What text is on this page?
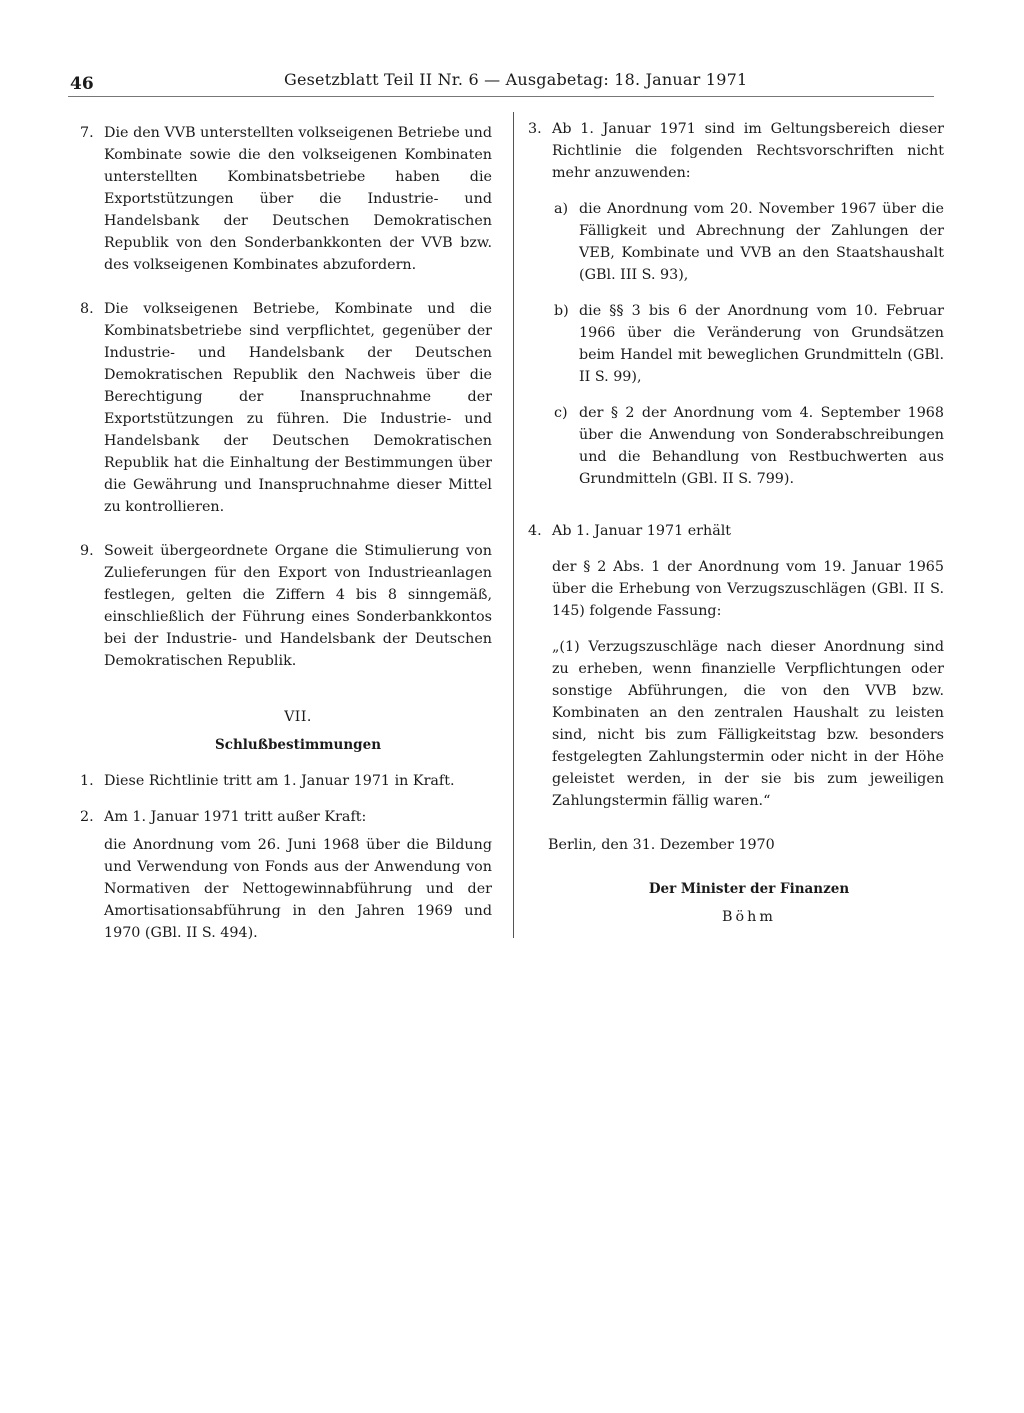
46	Gesetzblatt Teil II Nr. 6 — Ausgabetag: 18. Januar 1971
7. Die den VVB unterstellten volkseigenen Betriebe und Kombinate sowie die den volkseigenen Kombinaten unterstellten Kombinatsbetriebe haben die Exportstützungen über die Industrie- und Handelsbank der Deutschen Demokratischen Republik von den Sonderbankkonten der VVB bzw. des volkseigenen Kombinates abzufordern.
8. Die volkseigenen Betriebe, Kombinate und die Kombinatsbetriebe sind verpflichtet, gegenüber der Industrie- und Handelsbank der Deutschen Demokratischen Republik den Nachweis über die Berechtigung der Inanspruchnahme der Exportstützungen zu führen. Die Industrie- und Handelsbank der Deutschen Demokratischen Republik hat die Einhaltung der Bestimmungen über die Gewährung und Inanspruchnahme dieser Mittel zu kontrollieren.
9. Soweit übergeordnete Organe die Stimulierung von Zulieferungen für den Export von Industrieanlagen festlegen, gelten die Ziffern 4 bis 8 sinngemäß, einschließlich der Führung eines Sonderbankkontos bei der Industrie- und Handelsbank der Deutschen Demokratischen Republik.
VII.
Schlußbestimmungen
1. Diese Richtlinie tritt am 1. Januar 1971 in Kraft.
2. Am 1. Januar 1971 tritt außer Kraft:
die Anordnung vom 26. Juni 1968 über die Bildung und Verwendung von Fonds aus der Anwendung von Normativen der Nettogewinnabführung und der Amortisationsabführung in den Jahren 1969 und 1970 (GBl. II S. 494).
3. Ab 1. Januar 1971 sind im Geltungsbereich dieser Richtlinie die folgenden Rechtsvorschriften nicht mehr anzuwenden:
a) die Anordnung vom 20. November 1967 über die Fälligkeit und Abrechnung der Zahlungen der VEB, Kombinate und VVB an den Staatshaushalt (GBl. III S. 93),
b) die §§ 3 bis 6 der Anordnung vom 10. Februar 1966 über die Veränderung von Grundsätzen beim Handel mit beweglichen Grundmitteln (GBl. II S. 99),
c) der § 2 der Anordnung vom 4. September 1968 über die Anwendung von Sonderabschreibungen und die Behandlung von Restbuchwerten aus Grundmitteln (GBl. II S. 799).
4. Ab 1. Januar 1971 erhält
der § 2 Abs. 1 der Anordnung vom 19. Januar 1965 über die Erhebung von Verzugszuschlägen (GBl. II S. 145) folgende Fassung:
„(1) Verzugszuschläge nach dieser Anordnung sind zu erheben, wenn finanzielle Verpflichtungen oder sonstige Abführungen, die von den VVB bzw. Kombinaten an den zentralen Haushalt zu leisten sind, nicht bis zum Fälligkeitstag bzw. besonders festgelegten Zahlungstermin oder nicht in der Höhe geleistet werden, in der sie bis zum jeweiligen Zahlungstermin fällig waren.“
Berlin, den 31. Dezember 1970
Der Minister der Finanzen
Böhm
